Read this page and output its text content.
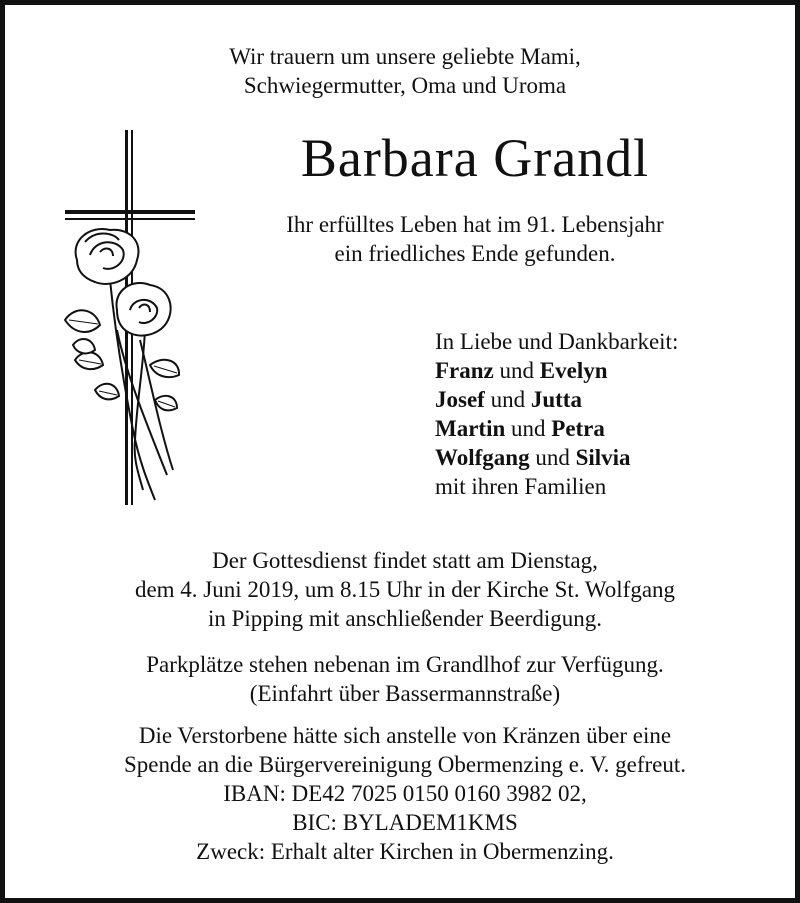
Wir trauern um unsere geliebte Mami,
Schwiegermutter, Oma und Uroma
Barbara Grandl
Ihr erfülltes Leben hat im 91. Lebensjahr
ein friedliches Ende gefunden.
In Liebe und Dankbarkeit:
Franz und Evelyn
Josef und Jutta
Martin und Petra
Wolfgang und Silvia
mit ihren Familien
Der Gottesdienst findet statt am Dienstag,
dem 4. Juni 2019, um 8.15 Uhr in der Kirche St. Wolfgang
in Pipping mit anschließender Beerdigung.
Parkplätze stehen nebenan im Grandlhof zur Verfügung.
(Einfahrt über Bassermannstraße)
Die Verstorbene hätte sich anstelle von Kränzen über eine
Spende an die Bürgervereinigung Obermenzing e. V. gefreut.
IBAN: DE42 7025 0150 0160 3982 02,
BIC: BYLADEM1KMS
Zweck: Erhalt alter Kirchen in Obermenzing.
